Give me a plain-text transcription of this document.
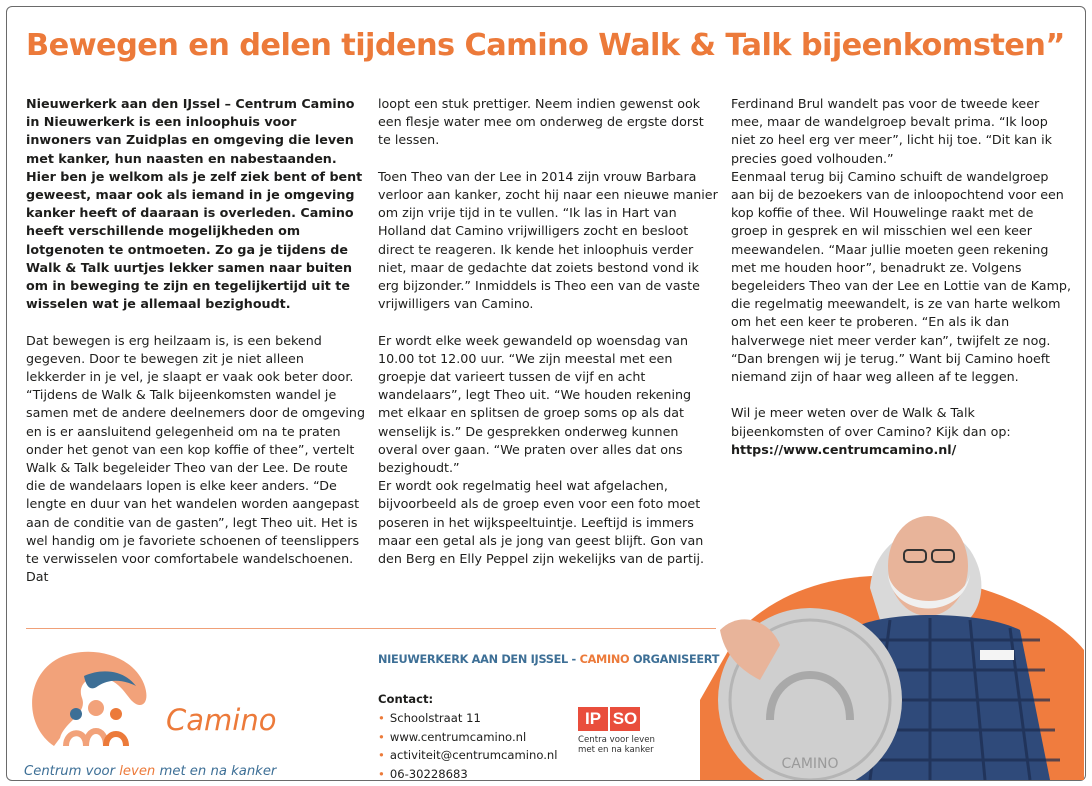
Bewegen en delen tijdens Camino Walk & Talk bijeenkomsten”

Nieuwerkerk aan den IJssel – Centrum Camino in Nieuwerkerk is een inloophuis voor inwoners van Zuidplas en omgeving die leven met kanker, hun naasten en nabestaanden. Hier ben je welkom als je zelf ziek bent of bent geweest, maar ook als iemand in je omgeving kanker heeft of daaraan is overleden. Camino heeft verschillende mogelijkheden om lotgenoten te ontmoeten. Zo ga je tijdens de Walk & Talk uurtjes lekker samen naar buiten om in beweging te zijn en tegelijkertijd uit te wisselen wat je allemaal bezighoudt.

Dat bewegen is erg heilzaam is, is een bekend gegeven. Door te bewegen zit je niet alleen lekkerder in je vel, je slaapt er vaak ook beter door. “Tijdens de Walk & Talk bijeenkomsten wandel je samen met de andere deelnemers door de omgeving en is er aansluitend gelegenheid om na te praten onder het genot van een kop koffie of thee”, vertelt Walk & Talk begeleider Theo van der Lee. De route die de wandelaars lopen is elke keer anders. “De lengte en duur van het wandelen worden aangepast aan de conditie van de gasten”, legt Theo uit. Het is wel handig om je favoriete schoenen of teenslippers te verwisselen voor comfortabele wandelschoenen. Dat

loopt een stuk prettiger. Neem indien gewenst ook een flesje water mee om onderweg de ergste dorst te lessen.

Toen Theo van der Lee in 2014 zijn vrouw Barbara verloor aan kanker, zocht hij naar een nieuwe manier om zijn vrije tijd in te vullen. “Ik las in Hart van Holland dat Camino vrijwilligers zocht en besloot direct te reageren. Ik kende het inloophuis verder niet, maar de gedachte dat zoiets bestond vond ik erg bijzonder.” Inmiddels is Theo een van de vaste vrijwilligers van Camino.

Er wordt elke week gewandeld op woensdag van 10.00 tot 12.00 uur. “We zijn meestal met een groepje dat varieert tussen de vijf en acht wandelaars”, legt Theo uit. “We houden rekening met elkaar en splitsen de groep soms op als dat wenselijk is.” De gesprekken onderweg kunnen overal over gaan. “We praten over alles dat ons bezighoudt.”

Er wordt ook regelmatig heel wat afgelachen, bijvoorbeeld als de groep even voor een foto moet poseren in het wijkspeeltuintje. Leeftijd is immers maar een getal als je jong van geest blijft. Gon van den Berg en Elly Peppel zijn wekelijks van de partij.

Ferdinand Brul wandelt pas voor de tweede keer mee, maar de wandelgroep bevalt prima. “Ik loop niet zo heel erg ver meer”, licht hij toe. “Dit kan ik precies goed volhouden.”

Eenmaal terug bij Camino schuift de wandelgroep aan bij de bezoekers van de inloopochtend voor een kop koffie of thee. Wil Houwelinge raakt met de groep in gesprek en wil misschien wel een keer meewandelen. “Maar jullie moeten geen rekening met me houden hoor”, benadrukt ze. Volgens begeleiders Theo van der Lee en Lottie van de Kamp, die regelmatig meewandelt, is ze van harte welkom om het een keer te proberen. “En als ik dan halverwege niet meer verder kan”, twijfelt ze nog. “Dan brengen wij je terug.” Want bij Camino hoeft niemand zijn of haar weg alleen af te leggen.

Wil je meer weten over de Walk & Talk bijeenkomsten of over Camino? Kijk dan op:

https://www.centrumcamino.nl/

Camino
Centrum voor leven met en na kanker
NIEUWERKERK AAN DEN IJSSEL - CAMINO ORGANISEERT
Contact:
• Schoolstraat 11
• www.centrumcamino.nl
• activiteit@centrumcamino.nl
• 06-30228683
IP SO
Centra voor leven met en na kanker
CAMINO
